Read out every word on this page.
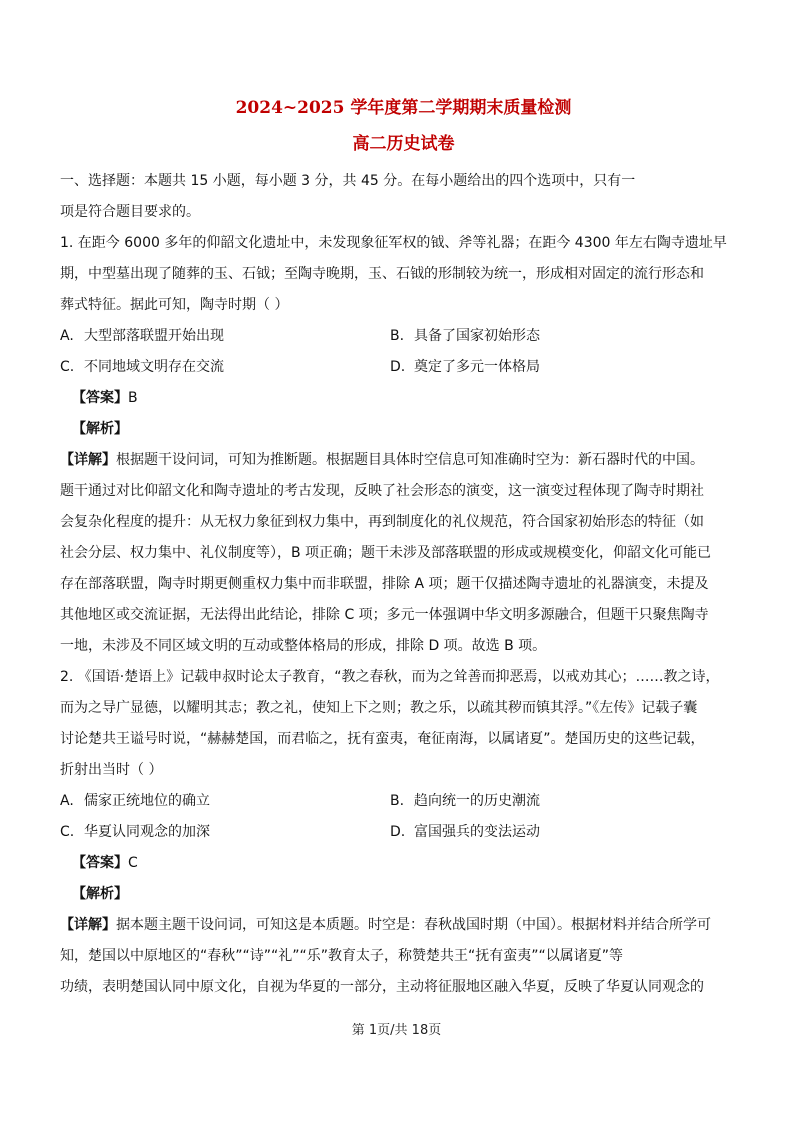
2024~2025 学年度第二学期期末质量检测
高二历史试卷

一、选择题：本题共 15 小题，每小题 3 分，共 45 分。在每小题给出的四个选项中，只有一

项是符合题目要求的。

1. 在距今 6000 多年的仰韶文化遗址中，未发现象征军权的钺、斧等礼器；在距今 4300 年左右陶寺遗址早

期，中型墓出现了随葬的玉、石钺；至陶寺晚期，玉、石钺的形制较为统一，形成相对固定的流行形态和

葬式特征。据此可知，陶寺时期（ ）

A. 大型部落联盟开始出现	B. 具备了国家初始形态
C. 不同地域文明存在交流	D. 奠定了多元一体格局

【答案】B

【解析】

【详解】根据题干设问词，可知为推断题。根据题目具体时空信息可知准确时空为：新石器时代的中国。

题干通过对比仰韶文化和陶寺遗址的考古发现，反映了社会形态的演变，这一演变过程体现了陶寺时期社

会复杂化程度的提升：从无权力象征到权力集中，再到制度化的礼仪规范，符合国家初始形态的特征（如

社会分层、权力集中、礼仪制度等），B 项正确；题干未涉及部落联盟的形成或规模变化，仰韶文化可能已

存在部落联盟，陶寺时期更侧重权力集中而非联盟，排除 A 项；题干仅描述陶寺遗址的礼器演变，未提及

其他地区或交流证据，无法得出此结论，排除 C 项；多元一体强调中华文明多源融合，但题干只聚焦陶寺

一地，未涉及不同区域文明的互动或整体格局的形成，排除 D 项。故选 B 项。

2. 《国语·楚语上》记载申叔时论太子教育，“教之春秋，而为之耸善而抑恶焉，以戒劝其心；……教之诗，

而为之导广显德，以耀明其志；教之礼，使知上下之则；教之乐，以疏其秽而镇其浮。”《左传》记载子囊

讨论楚共王谥号时说，“赫赫楚国，而君临之，抚有蛮夷，奄征南海，以属诸夏”。楚国历史的这些记载，

折射出当时（ ）

A. 儒家正统地位的确立	B. 趋向统一的历史潮流
C. 华夏认同观念的加深	D. 富国强兵的变法运动

【答案】C

【解析】

【详解】据本题主题干设问词，可知这是本质题。时空是：春秋战国时期（中国）。根据材料并结合所学可

知，楚国以中原地区的“春秋”“诗”“礼”“乐”教育太子，称赞楚共王“抚有蛮夷”“以属诸夏”等

功绩，表明楚国认同中原文化，自视为华夏的一部分，主动将征服地区融入华夏，反映了华夏认同观念的

第 1页/共 18页
